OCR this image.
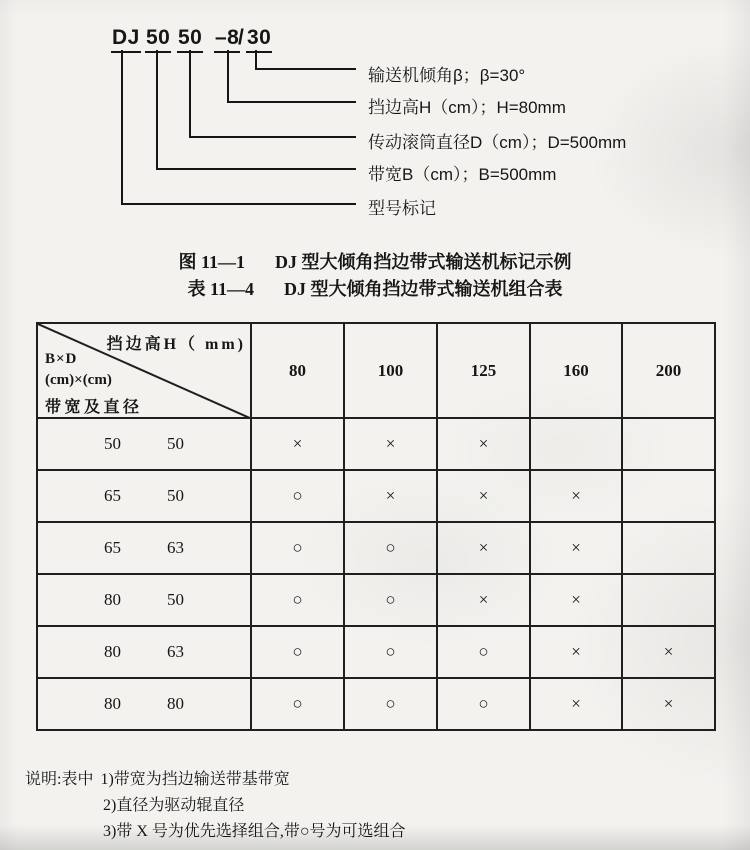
DJ 50 50 –8
/ 30
输送机倾角β；β=30°
挡边高H（cm）；H=80mm
传动滚筒直径D（cm）；D=500mm
带宽B（cm）；B=500mm
型号标记
图 11—1 DJ 型大倾角挡边带式输送机标记示例
表 11—4 DJ 型大倾角挡边带式输送机组合表
挡边高H（ mm)
B×D
(cm)×(cm)
带宽及直径	80	100	125	160	200

50 50	×	×	×		

65 50	○	×	×	×	

65 63	○	○	×	×	

80 50	○	○	×	×	

80 63	○	○	○	×	×

80 80	○	○	○	×	×
说明:表中 1)带宽为挡边输送带基带宽
2)直径为驱动辊直径
3)带 X 号为优先选择组合,带○号为可选组合
